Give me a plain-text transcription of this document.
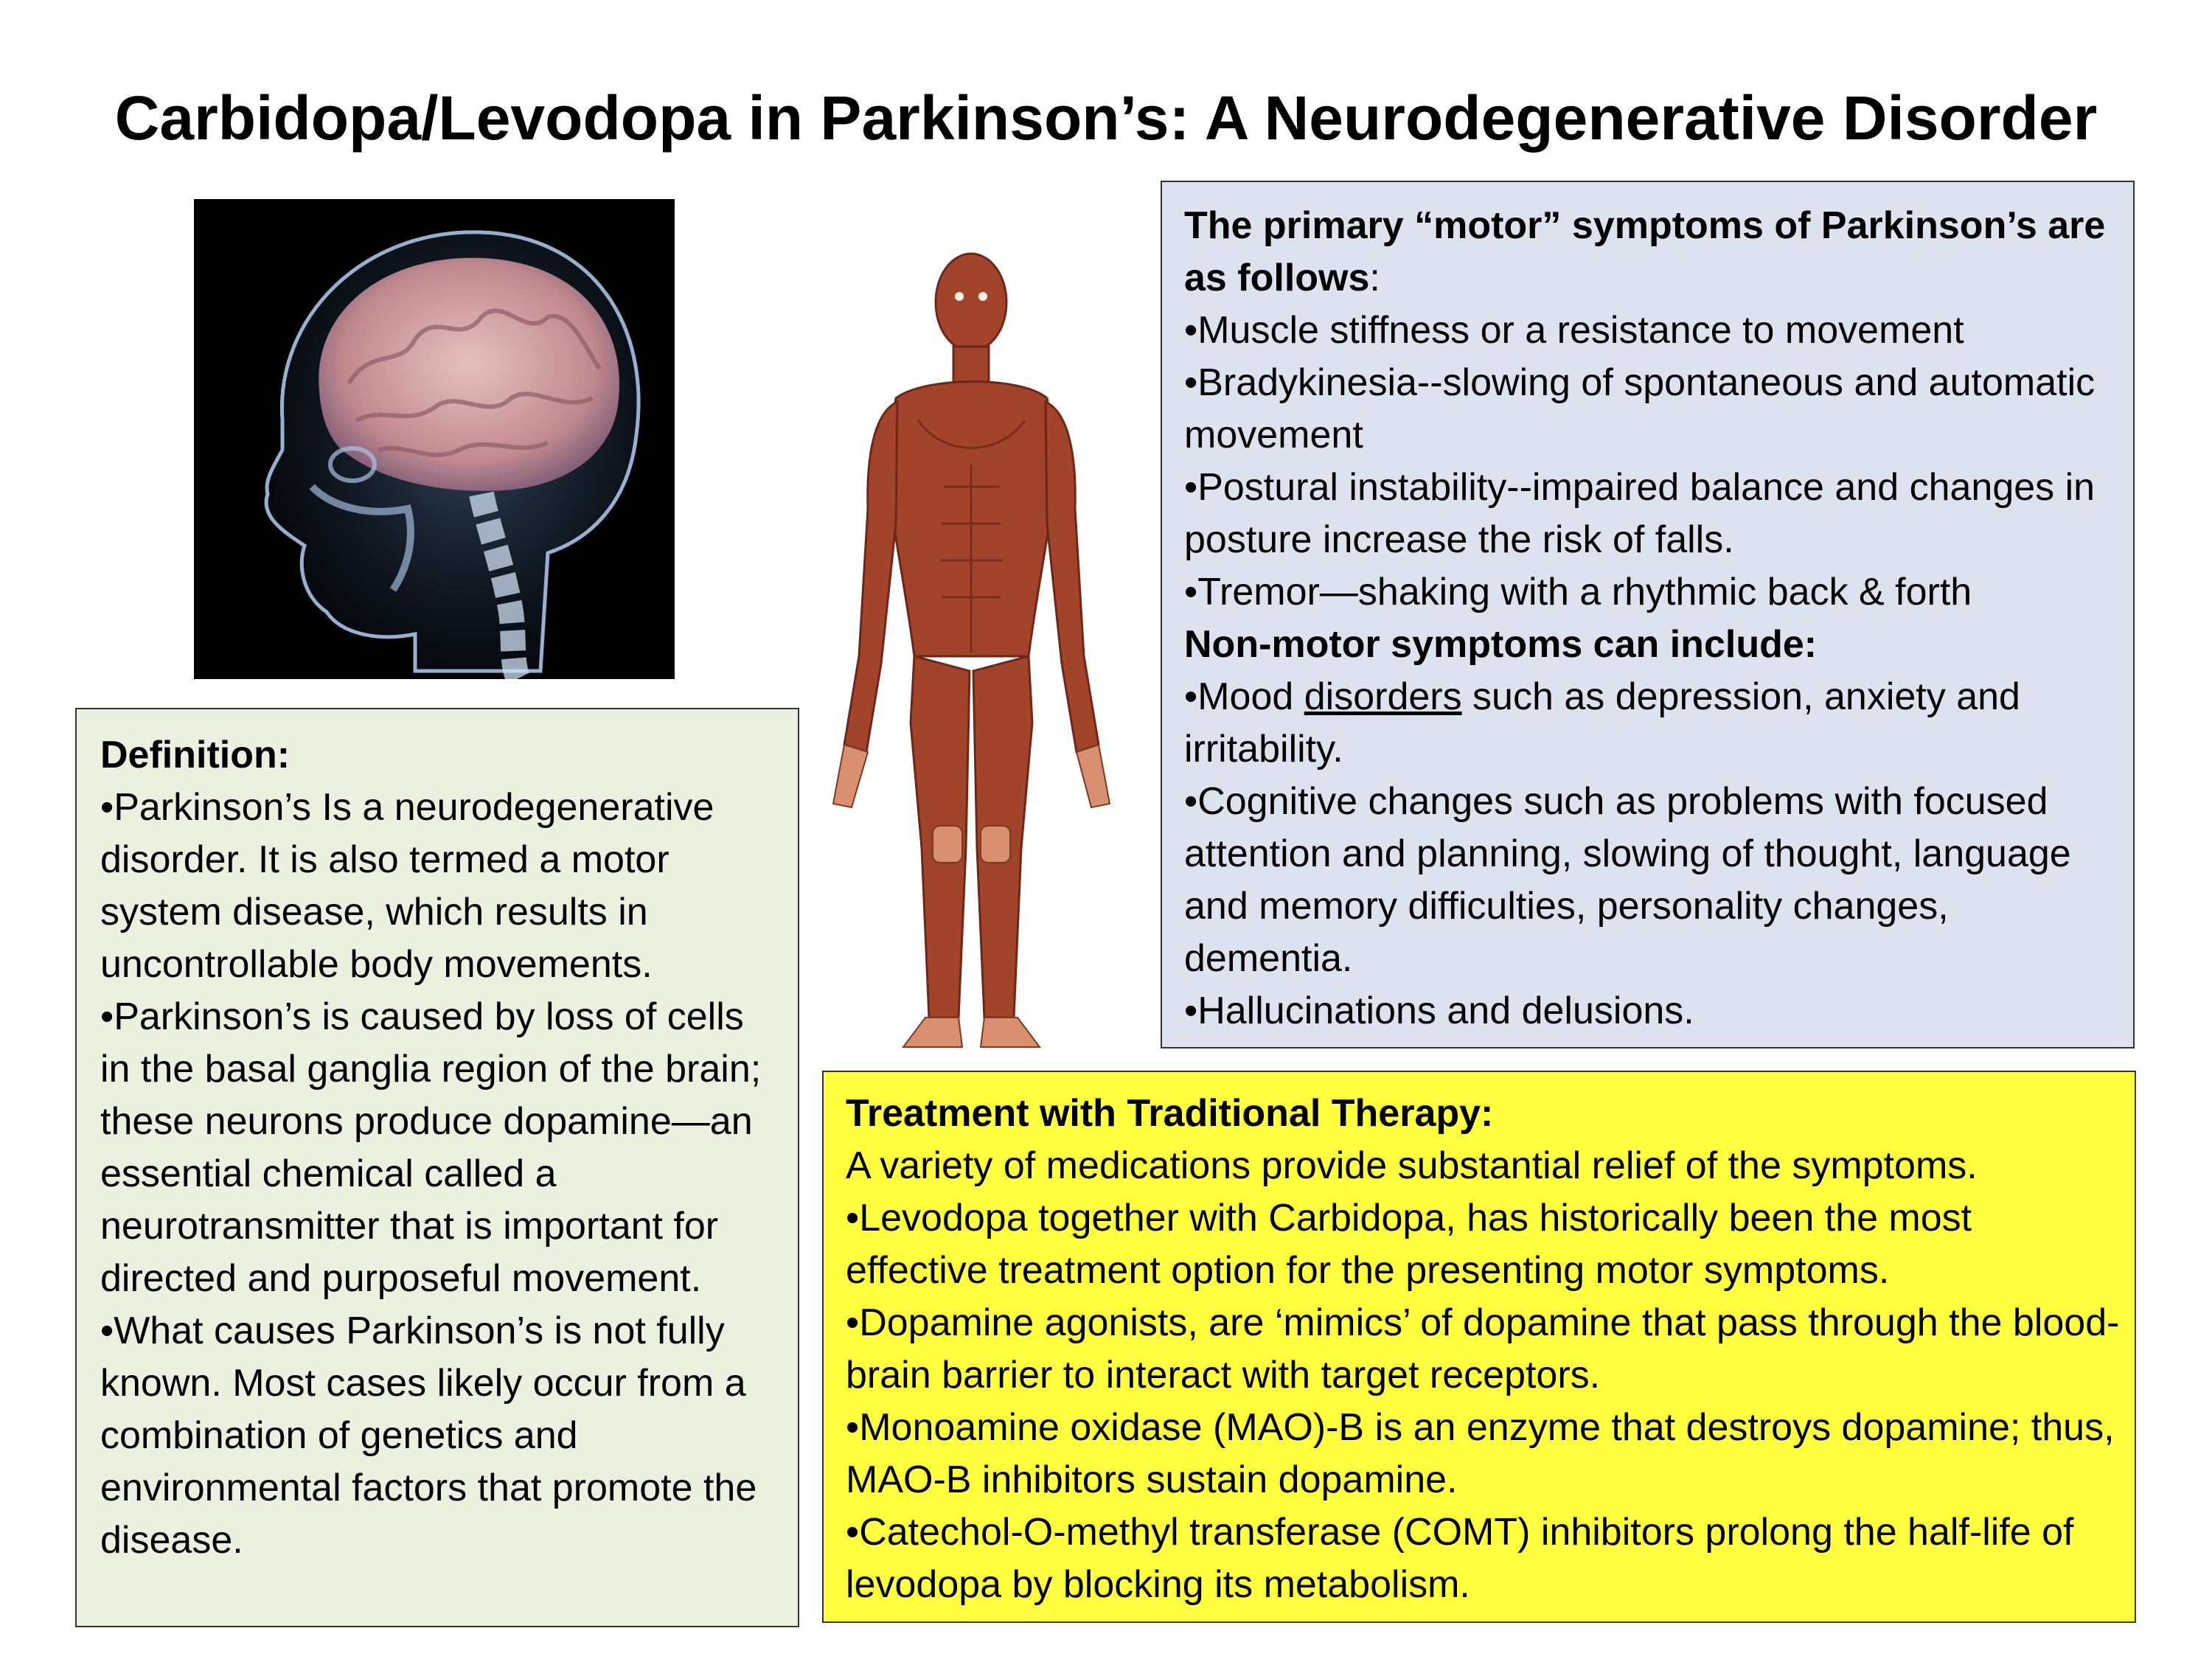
Carbidopa/Levodopa in Parkinson’s: A Neurodegenerative Disorder

Definition:

•Parkinson’s Is a neurodegenerative disorder. It is also termed a motor system disease, which results in uncontrollable body movements.

•Parkinson’s is caused by loss of cells in the basal ganglia region of the brain; these neurons produce dopamine—an essential chemical called a neurotransmitter that is important for directed and purposeful movement.

•What causes Parkinson’s is not fully known. Most cases likely occur from a combination of genetics and environmental factors that promote the disease.

The primary “motor” symptoms of Parkinson’s are as follows:

•Muscle stiffness or a resistance to movement

•Bradykinesia--slowing of spontaneous and automatic movement

•Postural instability--impaired balance and changes in posture increase the risk of falls.

•Tremor—shaking with a rhythmic back & forth

Non-motor symptoms can include:

•Mood disorders such as depression, anxiety and irritability.

•Cognitive changes such as problems with focused attention and planning, slowing of thought, language and memory difficulties, personality changes, dementia.

•Hallucinations and delusions.

Treatment with Traditional Therapy:

A variety of medications provide substantial relief of the symptoms.

•Levodopa together with Carbidopa, has historically been the most effective treatment option for the presenting motor symptoms.

•Dopamine agonists, are ‘mimics’ of dopamine that pass through the blood-brain barrier to interact with target receptors.

•Monoamine oxidase (MAO)-B is an enzyme that destroys dopamine; thus, MAO-B inhibitors sustain dopamine.

•Catechol-O-methyl transferase (COMT) inhibitors prolong the half-life of levodopa by blocking its metabolism.
